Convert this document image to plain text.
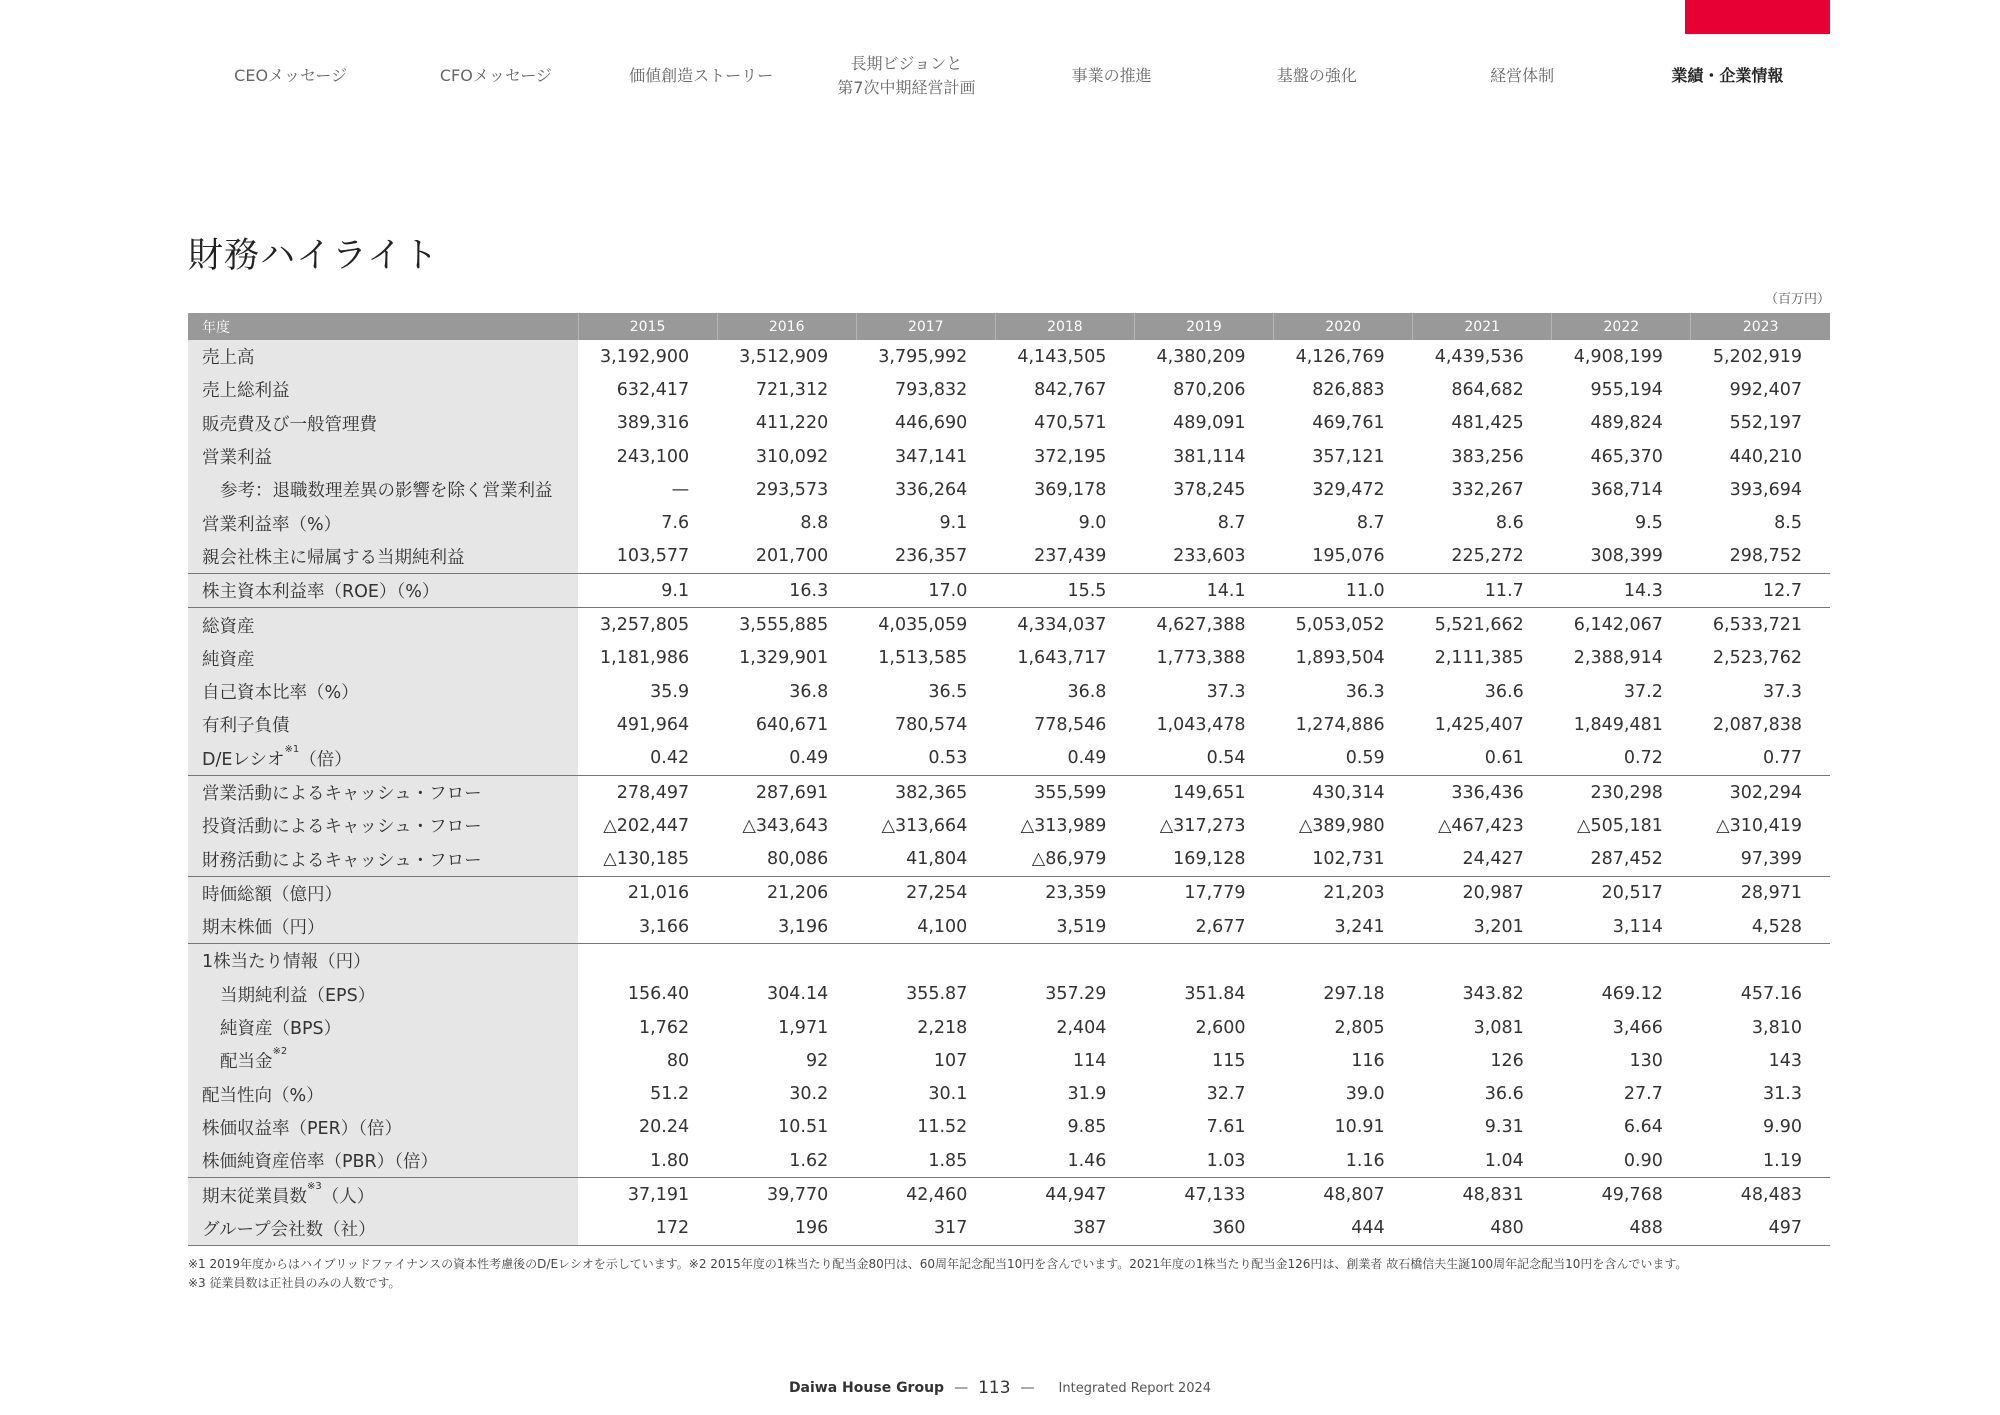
CEOメッセージ	CFOメッセージ	価値創造ストーリー
長期ビジョンと
第7次中期経営計画
事業の推進	基盤の強化	経営体制	業績・企業情報
財務ハイライト
（百万円）
年度	2015	2016	2017	2018	2019	2020	2021	2022	2023
売上高	3,192,900	3,512,909	3,795,992	4,143,505	4,380,209	4,126,769	4,439,536	4,908,199	5,202,919
売上総利益	632,417	721,312	793,832	842,767	870,206	826,883	864,682	955,194	992,407
販売費及び一般管理費	389,316	411,220	446,690	470,571	489,091	469,761	481,425	489,824	552,197
営業利益	243,100	310,092	347,141	372,195	381,114	357,121	383,256	465,370	440,210
参考：退職数理差異の影響を除く営業利益	—	293,573	336,264	369,178	378,245	329,472	332,267	368,714	393,694
営業利益率（%）	7.6	8.8	9.1	9.0	8.7	8.7	8.6	9.5	8.5
親会社株主に帰属する当期純利益	103,577	201,700	236,357	237,439	233,603	195,076	225,272	308,399	298,752
株主資本利益率（ROE）（%）	9.1	16.3	17.0	15.5	14.1	11.0	11.7	14.3	12.7
総資産	3,257,805	3,555,885	4,035,059	4,334,037	4,627,388	5,053,052	5,521,662	6,142,067	6,533,721
純資産	1,181,986	1,329,901	1,513,585	1,643,717	1,773,388	1,893,504	2,111,385	2,388,914	2,523,762
自己資本比率（%）	35.9	36.8	36.5	36.8	37.3	36.3	36.6	37.2	37.3
有利子負債	491,964	640,671	780,574	778,546	1,043,478	1,274,886	1,425,407	1,849,481	2,087,838
D/Eレシオ$^{※1}$（倍）	0.42	0.49	0.53	0.49	0.54	0.59	0.61	0.72	0.77
営業活動によるキャッシュ・フロー	278,497	287,691	382,365	355,599	149,651	430,314	336,436	230,298	302,294
投資活動によるキャッシュ・フロー	△202,447	△343,643	△313,664	△313,989	△317,273	△389,980	△467,423	△505,181	△310,419
財務活動によるキャッシュ・フロー	△130,185	80,086	41,804	△86,979	169,128	102,731	24,427	287,452	97,399
時価総額（億円）	21,016	21,206	27,254	23,359	17,779	21,203	20,987	20,517	28,971
期末株価（円）	3,166	3,196	4,100	3,519	2,677	3,241	3,201	3,114	4,528
1株当たり情報（円）									
当期純利益（EPS）	156.40	304.14	355.87	357.29	351.84	297.18	343.82	469.12	457.16
純資産（BPS）	1,762	1,971	2,218	2,404	2,600	2,805	3,081	3,466	3,810
配当金$^{※2}$	80	92	107	114	115	116	126	130	143
配当性向（%）	51.2	30.2	30.1	31.9	32.7	39.0	36.6	27.7	31.3
株価収益率（PER）（倍）	20.24	10.51	11.52	9.85	7.61	10.91	9.31	6.64	9.90
株価純資産倍率（PBR）（倍）	1.80	1.62	1.85	1.46	1.03	1.16	1.04	0.90	1.19
期末従業員数$^{※3}$（人）	37,191	39,770	42,460	44,947	47,133	48,807	48,831	49,768	48,483
グループ会社数（社）	172	196	317	387	360	444	480	488	497
※1 2019年度からはハイブリッドファイナンスの資本性考慮後のD/Eレシオを示しています。※2 2015年度の1株当たり配当金80円は、60周年記念配当10円を含んでいます。2021年度の1株当たり配当金126円は、創業者 故石橋信夫生誕100周年記念配当10円を含んでいます。
※3 従業員数は正社員のみの人数です。
Daiwa House Group — 113 — Integrated Report 2024
